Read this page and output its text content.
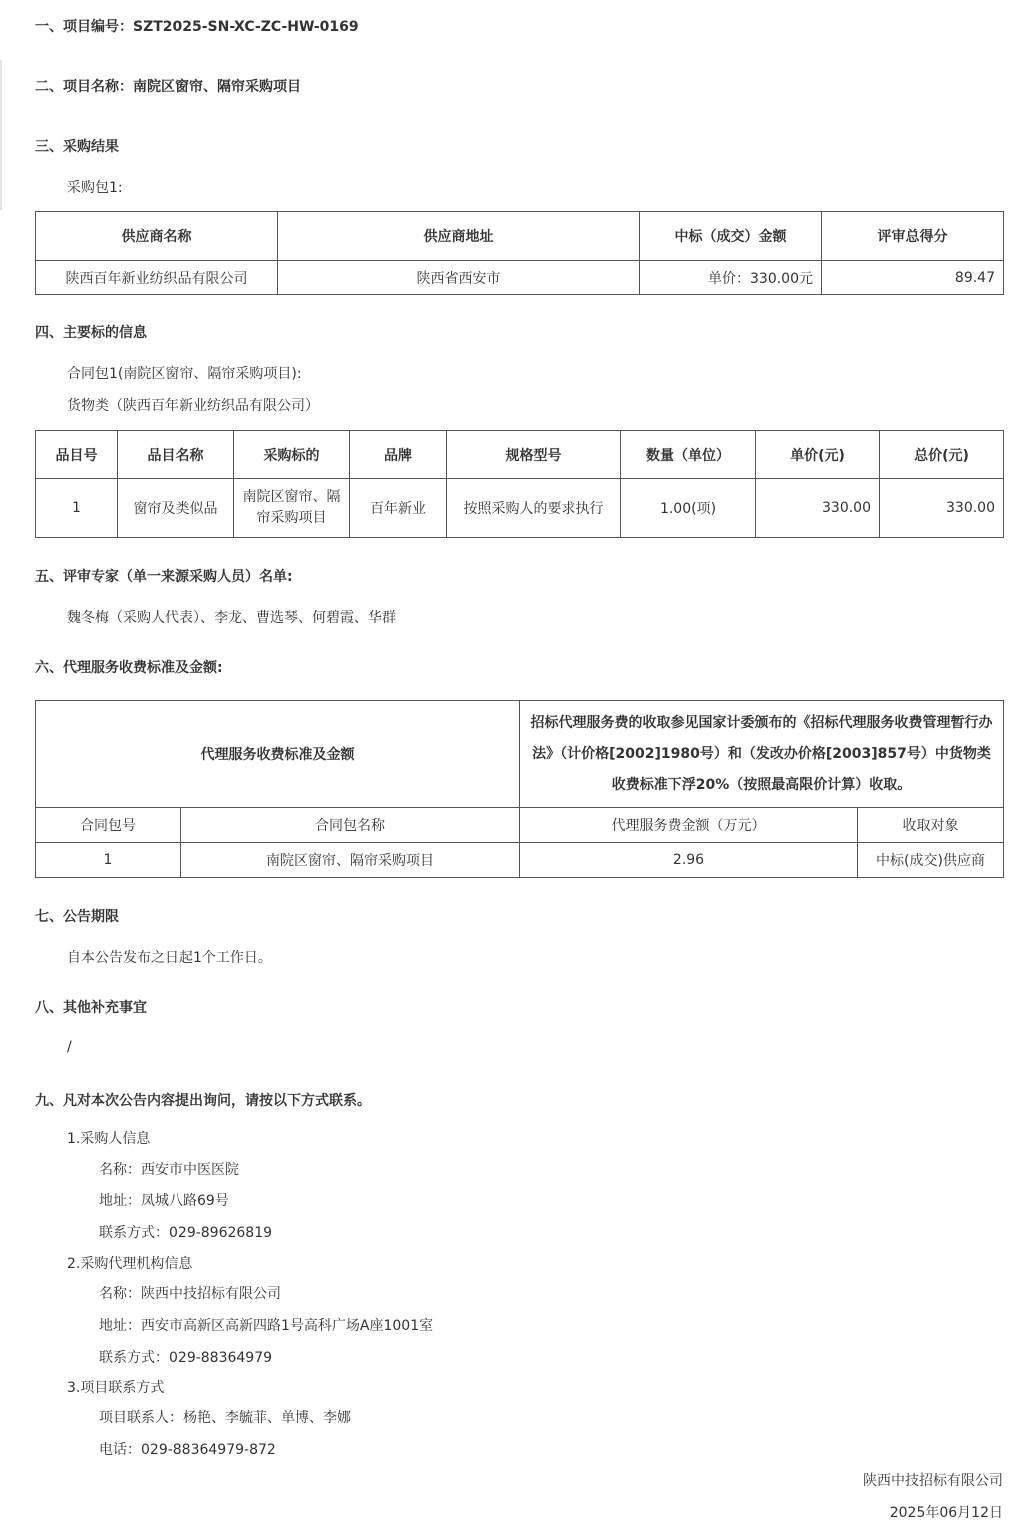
一、项目编号：SZT2025-SN-XC-ZC-HW-0169
二、项目名称：南院区窗帘、隔帘采购项目
三、采购结果
采购包1:
供应商名称	供应商地址	中标（成交）金额	评审总得分
陕西百年新业纺织品有限公司	陕西省西安市	单价：330.00元	89.47
四、主要标的信息
合同包1(南院区窗帘、隔帘采购项目):
货物类（陕西百年新业纺织品有限公司）
品目号	品目名称	采购标的	品牌	规格型号	数量（单位）	单价(元)	总价(元)
1	窗帘及类似品	南院区窗帘、隔帘采购项目	百年新业	按照采购人的要求执行	1.00(项)	330.00	330.00
五、评审专家（单一来源采购人员）名单:
魏冬梅（采购人代表）、李龙、曹选琴、何碧霞、华群
六、代理服务收费标准及金额:
代理服务收费标准及金额		招标代理服务费的收取参见国家计委颁布的《招标代理服务收费管理暂行办法》（计价格[2002]1980号）和（发改办价格[2003]857号）中货物类收费标准下浮20%（按照最高限价计算）收取。	
合同包号	合同包名称	代理服务费金额（万元）	收取对象
1	南院区窗帘、隔帘采购项目	2.96	中标(成交)供应商
七、公告期限
自本公告发布之日起1个工作日。
八、其他补充事宜
/
九、凡对本次公告内容提出询问，请按以下方式联系。
1.采购人信息
名称：西安市中医医院
地址：凤城八路69号
联系方式：029-89626819
2.采购代理机构信息
名称：陕西中技招标有限公司
地址：西安市高新区高新四路1号高科广场A座1001室
联系方式：029-88364979
3.项目联系方式
项目联系人：杨艳、李毓菲、单博、李娜
电话：029-88364979-872
陕西中技招标有限公司
2025年06月12日
